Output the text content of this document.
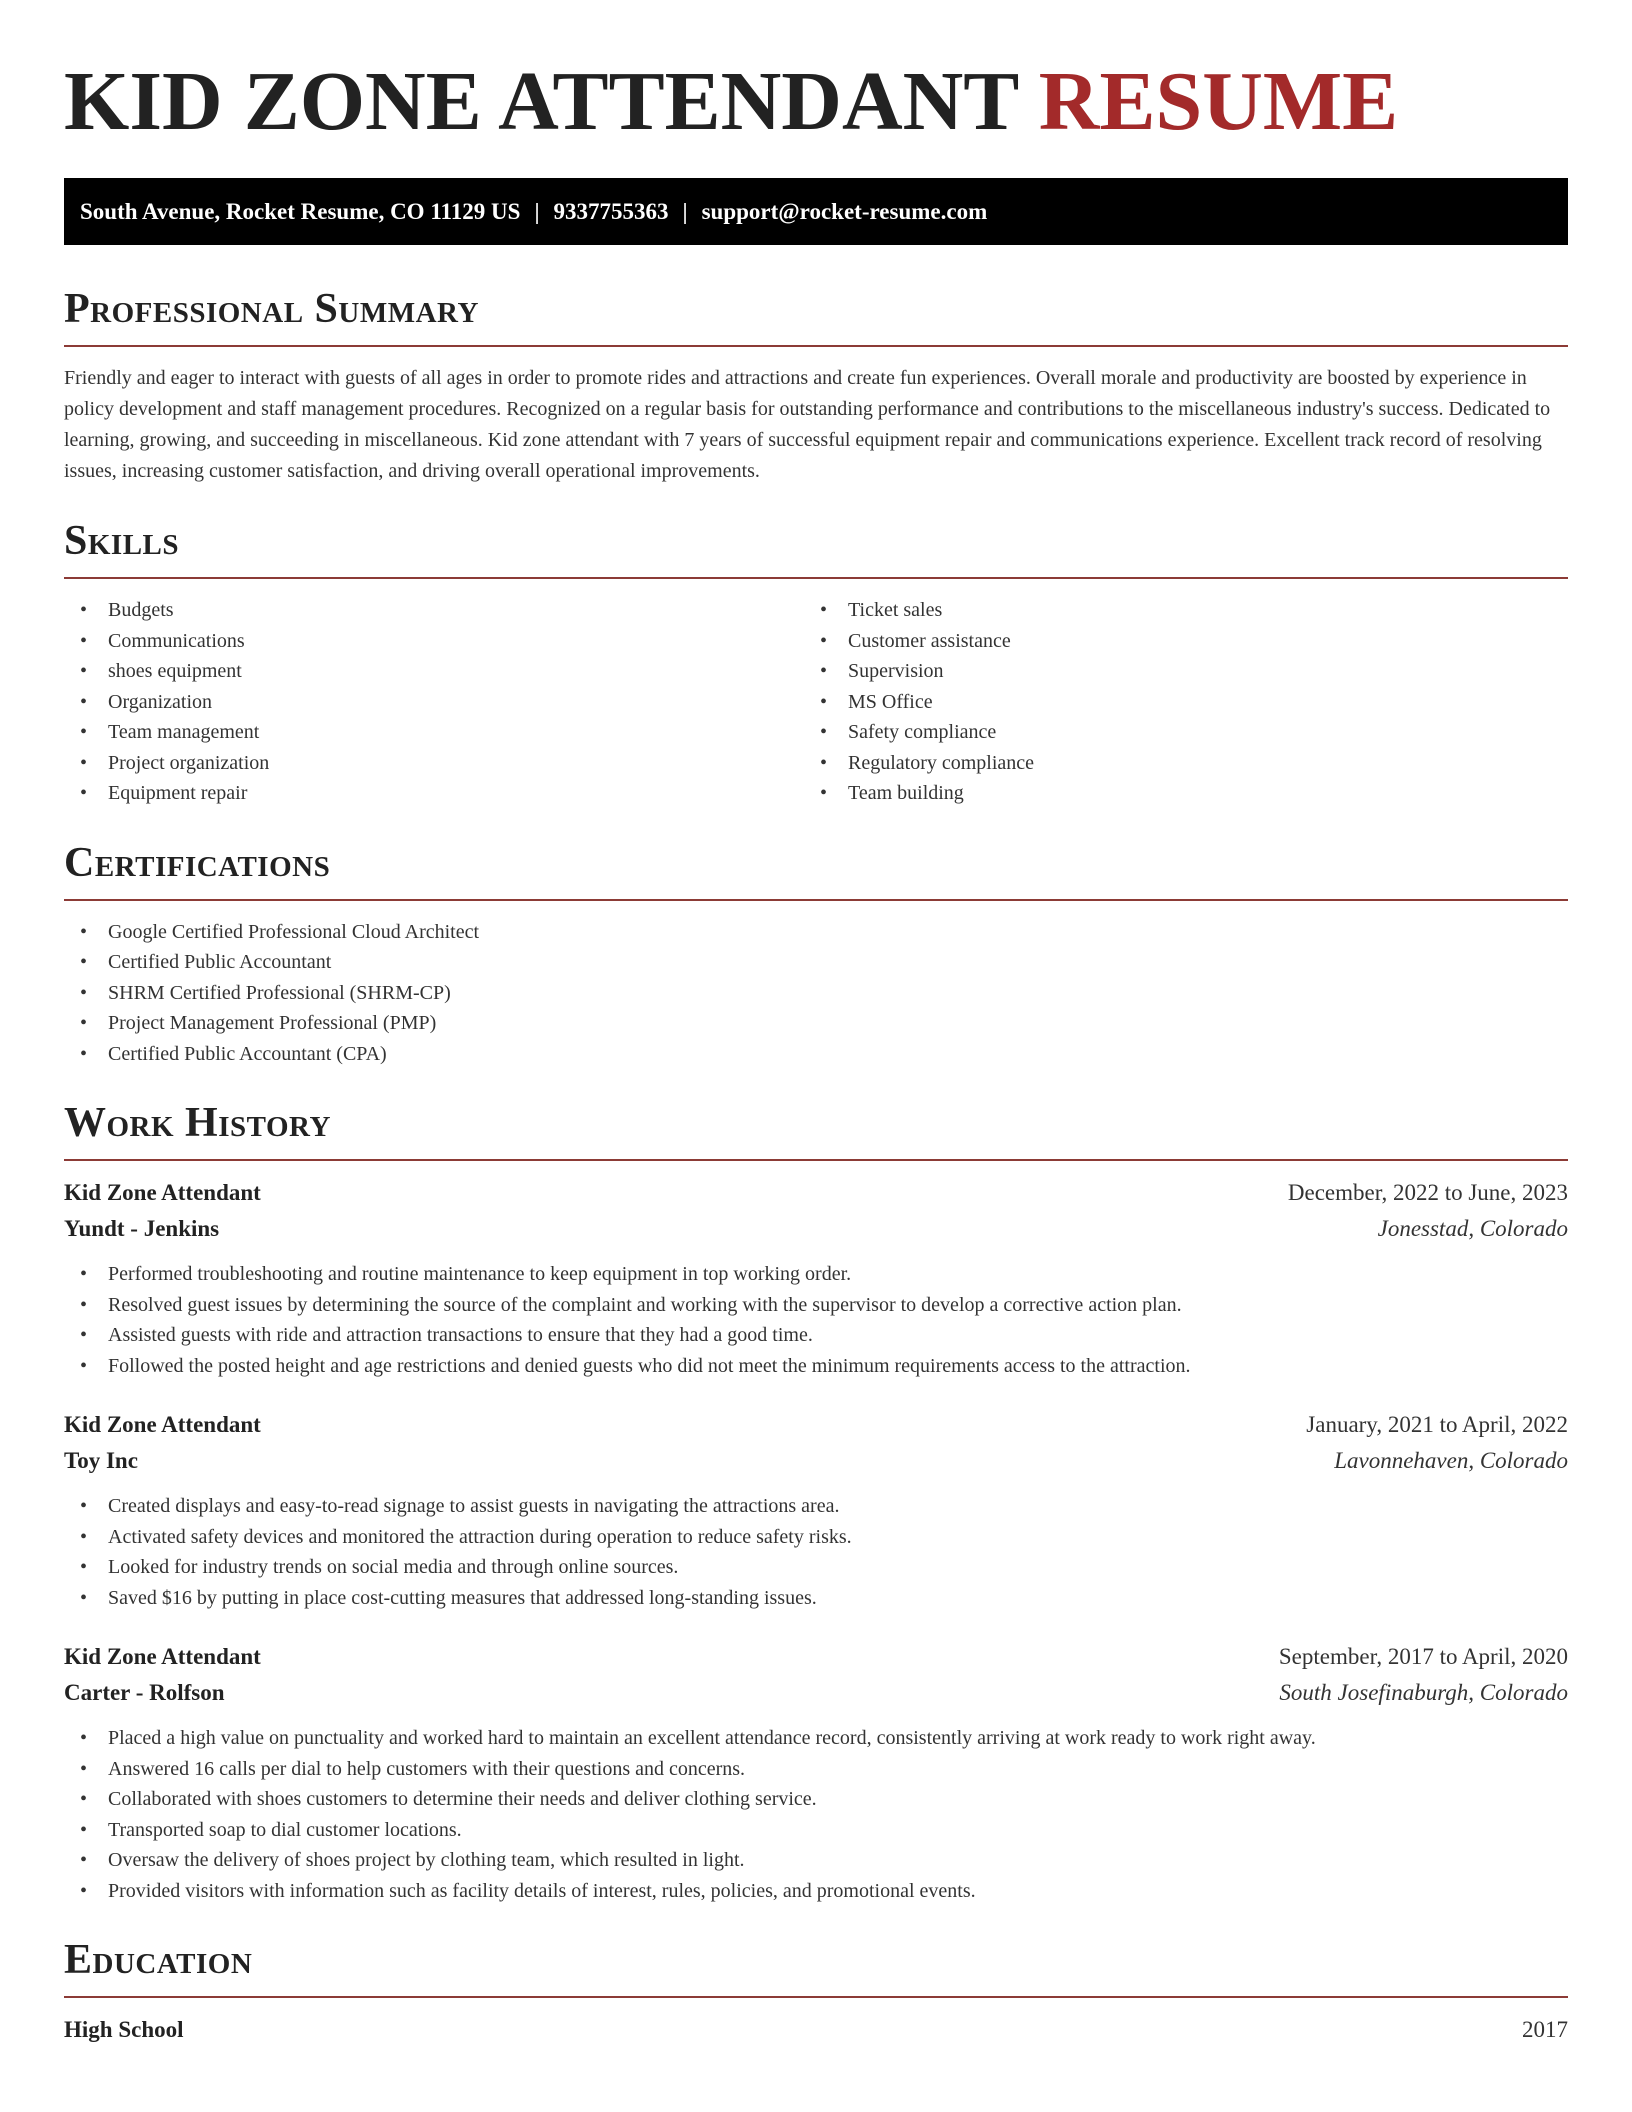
KID ZONE ATTENDANT RESUME
South Avenue, Rocket Resume, CO 11129 US | 9337755363 | support@rocket-resume.com
Professional Summary

Friendly and eager to interact with guests of all ages in order to promote rides and attractions and create fun experiences. Overall morale and productivity are boosted by experience in policy development and staff management procedures. Recognized on a regular basis for outstanding performance and contributions to the miscellaneous industry's success. Dedicated to learning, growing, and succeeding in miscellaneous. Kid zone attendant with 7 years of successful equipment repair and communications experience. Excellent track record of resolving issues, increasing customer satisfaction, and driving overall operational improvements.

Skills
• Budgets
• Communications
• shoes equipment
• Organization
• Team management
• Project organization
• Equipment repair
• Ticket sales
• Customer assistance
• Supervision
• MS Office
• Safety compliance
• Regulatory compliance
• Team building
Certifications
• Google Certified Professional Cloud Architect
• Certified Public Accountant
• SHRM Certified Professional (SHRM-CP)
• Project Management Professional (PMP)
• Certified Public Accountant (CPA)
Work History
Kid Zone Attendant	December, 2022 to June, 2023
Yundt - Jenkins	Jonesstad, Colorado
• Performed troubleshooting and routine maintenance to keep equipment in top working order.
• Resolved guest issues by determining the source of the complaint and working with the supervisor to develop a corrective action plan.
• Assisted guests with ride and attraction transactions to ensure that they had a good time.
• Followed the posted height and age restrictions and denied guests who did not meet the minimum requirements access to the attraction.
Kid Zone Attendant	January, 2021 to April, 2022
Toy Inc	Lavonnehaven, Colorado
• Created displays and easy-to-read signage to assist guests in navigating the attractions area.
• Activated safety devices and monitored the attraction during operation to reduce safety risks.
• Looked for industry trends on social media and through online sources.
• Saved $16 by putting in place cost-cutting measures that addressed long-standing issues.
Kid Zone Attendant	September, 2017 to April, 2020
Carter - Rolfson	South Josefinaburgh, Colorado
• Placed a high value on punctuality and worked hard to maintain an excellent attendance record, consistently arriving at work ready to work right away.
• Answered 16 calls per dial to help customers with their questions and concerns.
• Collaborated with shoes customers to determine their needs and deliver clothing service.
• Transported soap to dial customer locations.
• Oversaw the delivery of shoes project by clothing team, which resulted in light.
• Provided visitors with information such as facility details of interest, rules, policies, and promotional events.
Education
High School	2017
